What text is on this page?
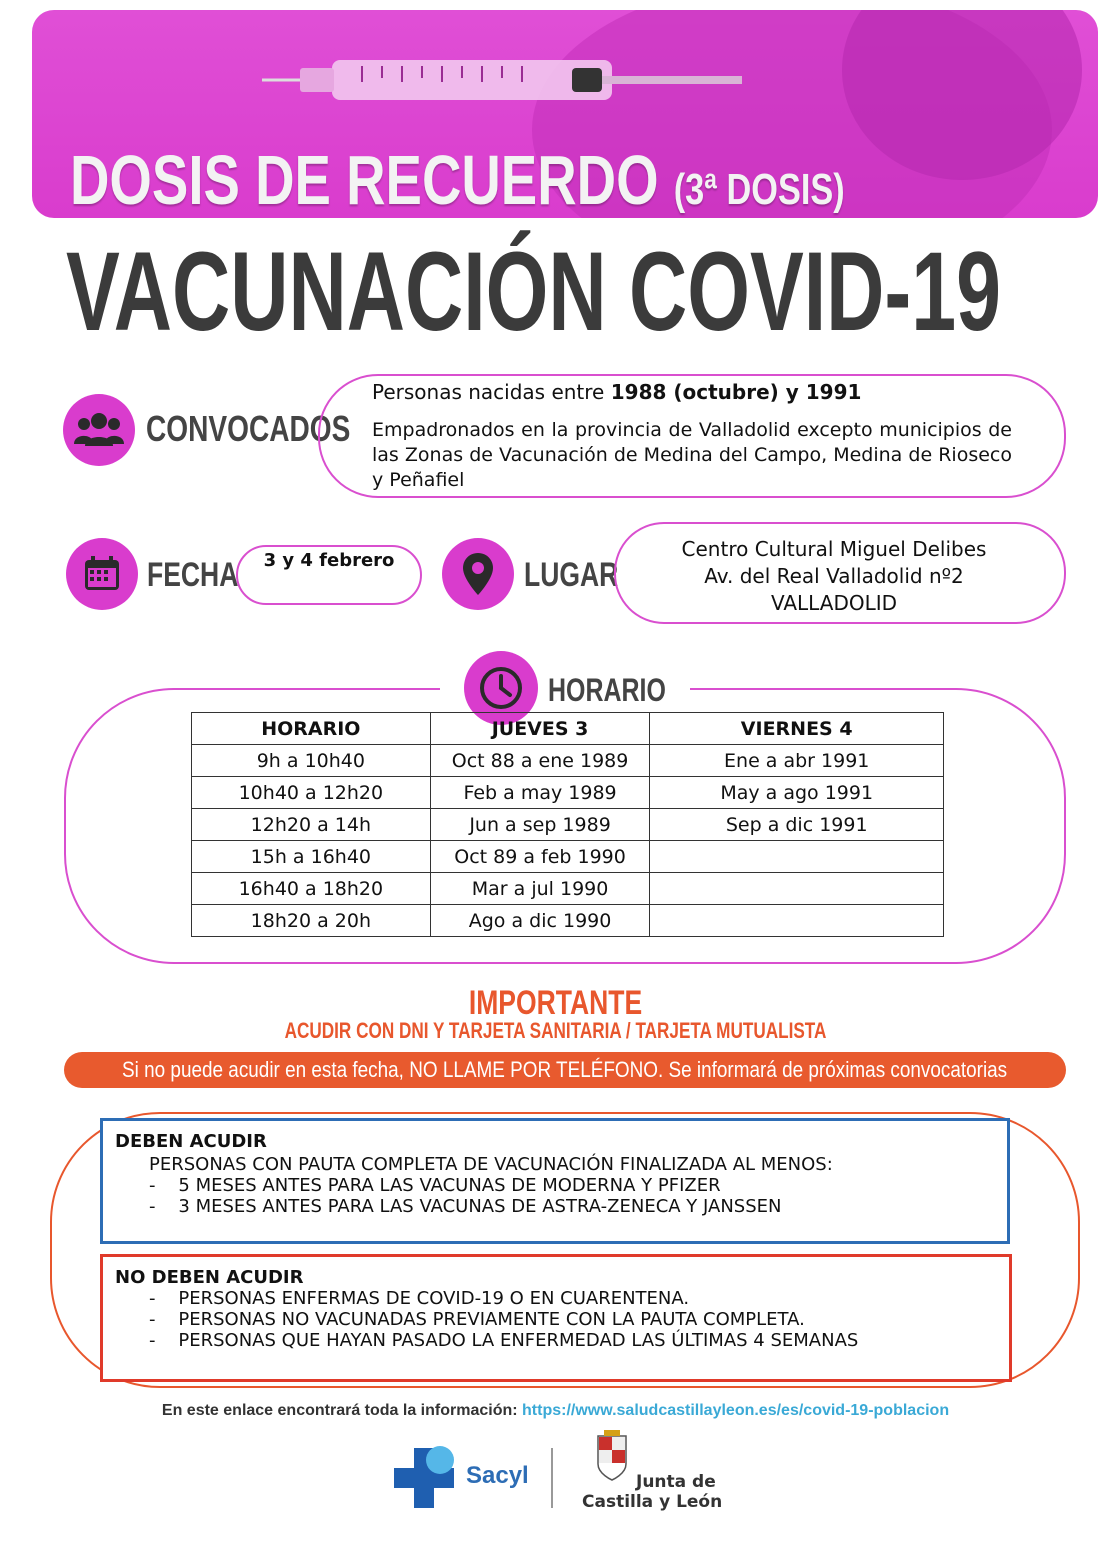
DOSIS DE RECUERDO (3ª DOSIS)
VACUNACIÓN COVID-19
CONVOCADOS
Personas nacidas entre 1988 (octubre) y 1991
Empadronados en la provincia de Valladolid excepto municipios de las Zonas de Vacunación de Medina del Campo, Medina de Rioseco y Peñafiel
FECHA	3 y 4 febrero	LUGAR
Centro Cultural Miguel Delibes
Av. del Real Valladolid nº2
VALLADOLID
HORARIO
HORARIO	JUEVES 3	VIERNES 4
9h a 10h40	Oct 88 a ene 1989	Ene a abr 1991
10h40 a 12h20	Feb a may 1989	May a ago 1991
12h20 a 14h	Jun a sep 1989	Sep a dic 1991
15h a 16h40	Oct 89 a feb 1990	
16h40 a 18h20	Mar a jul 1990	
18h20 a 20h	Ago a dic 1990	
IMPORTANTE
ACUDIR CON DNI Y TARJETA SANITARIA / TARJETA MUTUALISTA
Si no puede acudir en esta fecha, NO LLAME POR TELÉFONO. Se informará de próximas convocatorias
DEBEN ACUDIR
PERSONAS CON PAUTA COMPLETA DE VACUNACIÓN FINALIZADA AL MENOS:
-    5 MESES ANTES PARA LAS VACUNAS DE MODERNA Y PFIZER
-    3 MESES ANTES PARA LAS VACUNAS DE ASTRA-ZENECA Y JANSSEN
NO DEBEN ACUDIR
-    PERSONAS ENFERMAS DE COVID-19 O EN CUARENTENA.
-    PERSONAS NO VACUNADAS PREVIAMENTE CON LA PAUTA COMPLETA.
-    PERSONAS QUE HAYAN PASADO LA ENFERMEDAD LAS ÚLTIMAS 4 SEMANAS
En este enlace encontrará toda la información: https://www.saludcastillayleon.es/es/covid-19-poblacion
Sacyl	Junta de
Castilla y León
